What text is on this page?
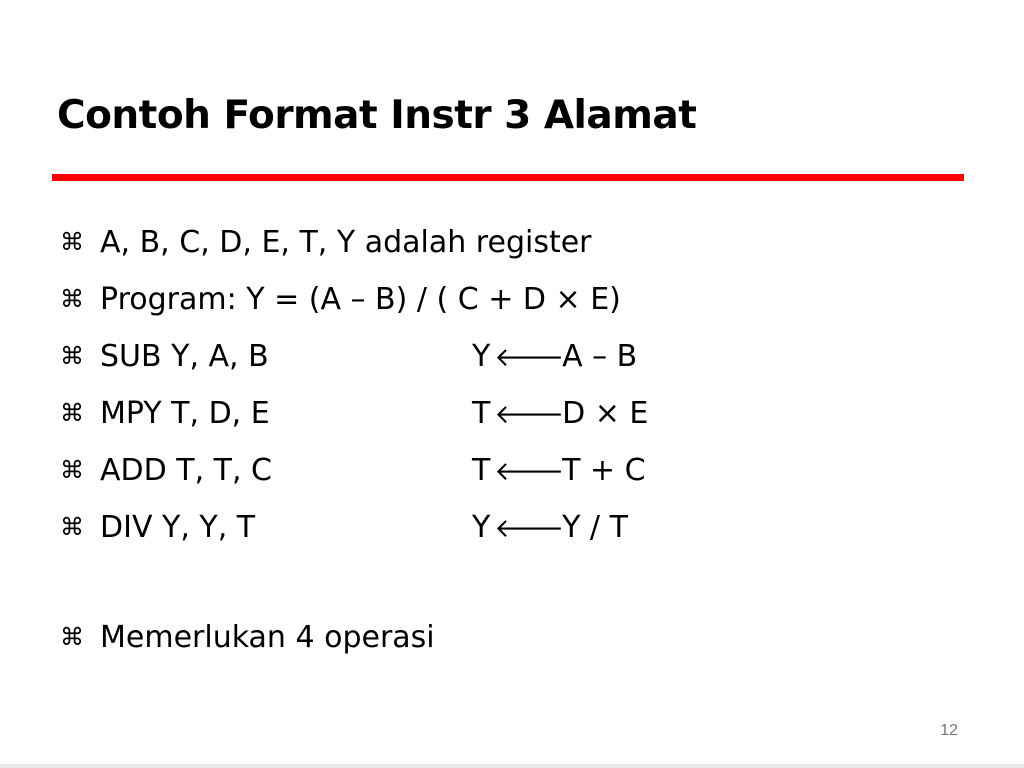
Contoh Format Instr 3 Alamat
⌘ A, B, C, D, E, T, Y adalah register
⌘ Program: Y = (A – B) / ( C + D × E)
⌘ SUB Y, A, B	Y 🡐A – B
⌘ MPY T, D, E	T 🡐D × E
⌘ ADD T, T, C	T 🡐T + C
⌘ DIV Y, Y, T	Y 🡐Y / T
⌘ Memerlukan 4 operasi
12
